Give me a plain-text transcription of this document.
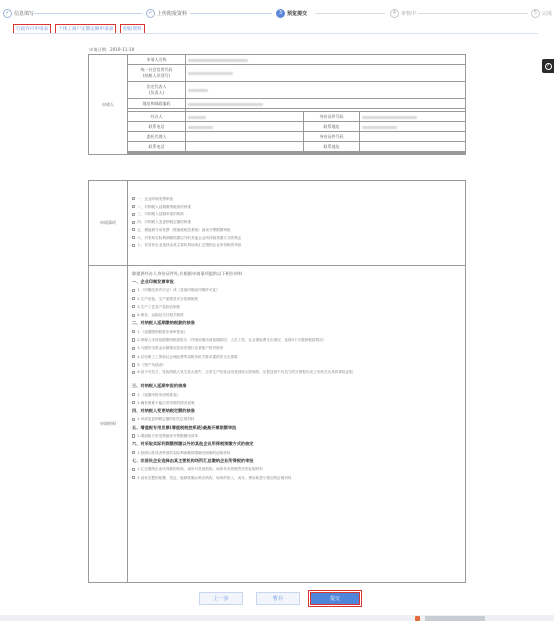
✓ 信息填写	✓ 上传附报资料	3 预览提交	4 审核中	5 完成
行政许可申请表	个体工商户定期定额申请表	附报资料
?
申请日期：2019-11-19
申请人	申请人名称			
	统一社会信用代码
(纳税人识别号)			
	法定代表人
(负责人)			
	地址和邮政编码			

	经办人		身份证件号码	
	联系电话		联系地址	
	委托代理人		身份证件号码	
	联系电话		联系地址	

申请事项	
一、企业印制发票审批
二、对纳税人延期缴纳税款的核准
三、对纳税人延期申报的核准
四、对纳税人变更纳税定额的核准
五、增值税专用发票（增值税税控系统）最高开票限额审批
六、对采取实际利润额预缴以外的其他企业所得税预缴方式的核定
七、非居民企业选择由其主要机构场所汇总缴纳企业所得税的审批
申请材料	
除提供经办人身份证件外,应根据申请事项提供以下相应材料
一、企业印制发票审批
1.《印刷经营许可证》或《其他印刷品印刷许可证》
2.生产设备、生产流程及安全管理制度
3.生产工艺及产品检验制度
4.保存、运输及交付相关制度
二、对纳税人延期缴纳税款的核准
1.《延期缴纳税款申请审批表》
2.纳税人申请延期缴纳税款报告（详细说明申请延期原因、人员工资、社会保险费支出情况、连续3个月缴纳税款情况）
3.当期货币资金余额情况及所有银行存款账户的对账单
4.应付职工工资和社会保险费等省税务机关要求提供的支出预算
5.《资产负债表》
6.因不可抗力，导致纳税人发生较大损失，正常生产经营活动受到较大影响的，应报送因不可抗力的灾情报告或公安机关出具的事故证明
三、对纳税人延期申报的核准
1.《延期申报申请核准表》
2.确有困难不能正常申报的情况说明
四、对纳税人变更纳税定额的核准
1.申请变更纳税定额的相关证明材料
五、增值税专用发票(增值税税控系统)最高开票限额审批
1.增值税专用发票最高开票限额申请单
六、对采取实际利润额预缴以外的其他企业所得税预缴方式的核定
1.按照月度或者季度的实际利润额预缴确有困难的证明材料
七、非居民企业选择由其主要机构场所汇总缴纳企业所得税的审批
1.汇总缴纳企业所得税的机构、场所对其他机构、场所负有管理责任的证明材料
2.设有完整的账簿、凭证，能够准确反映各机构、场所的收入、成本、费用和盈亏情况的证明材料
上一步	暂存	提交
